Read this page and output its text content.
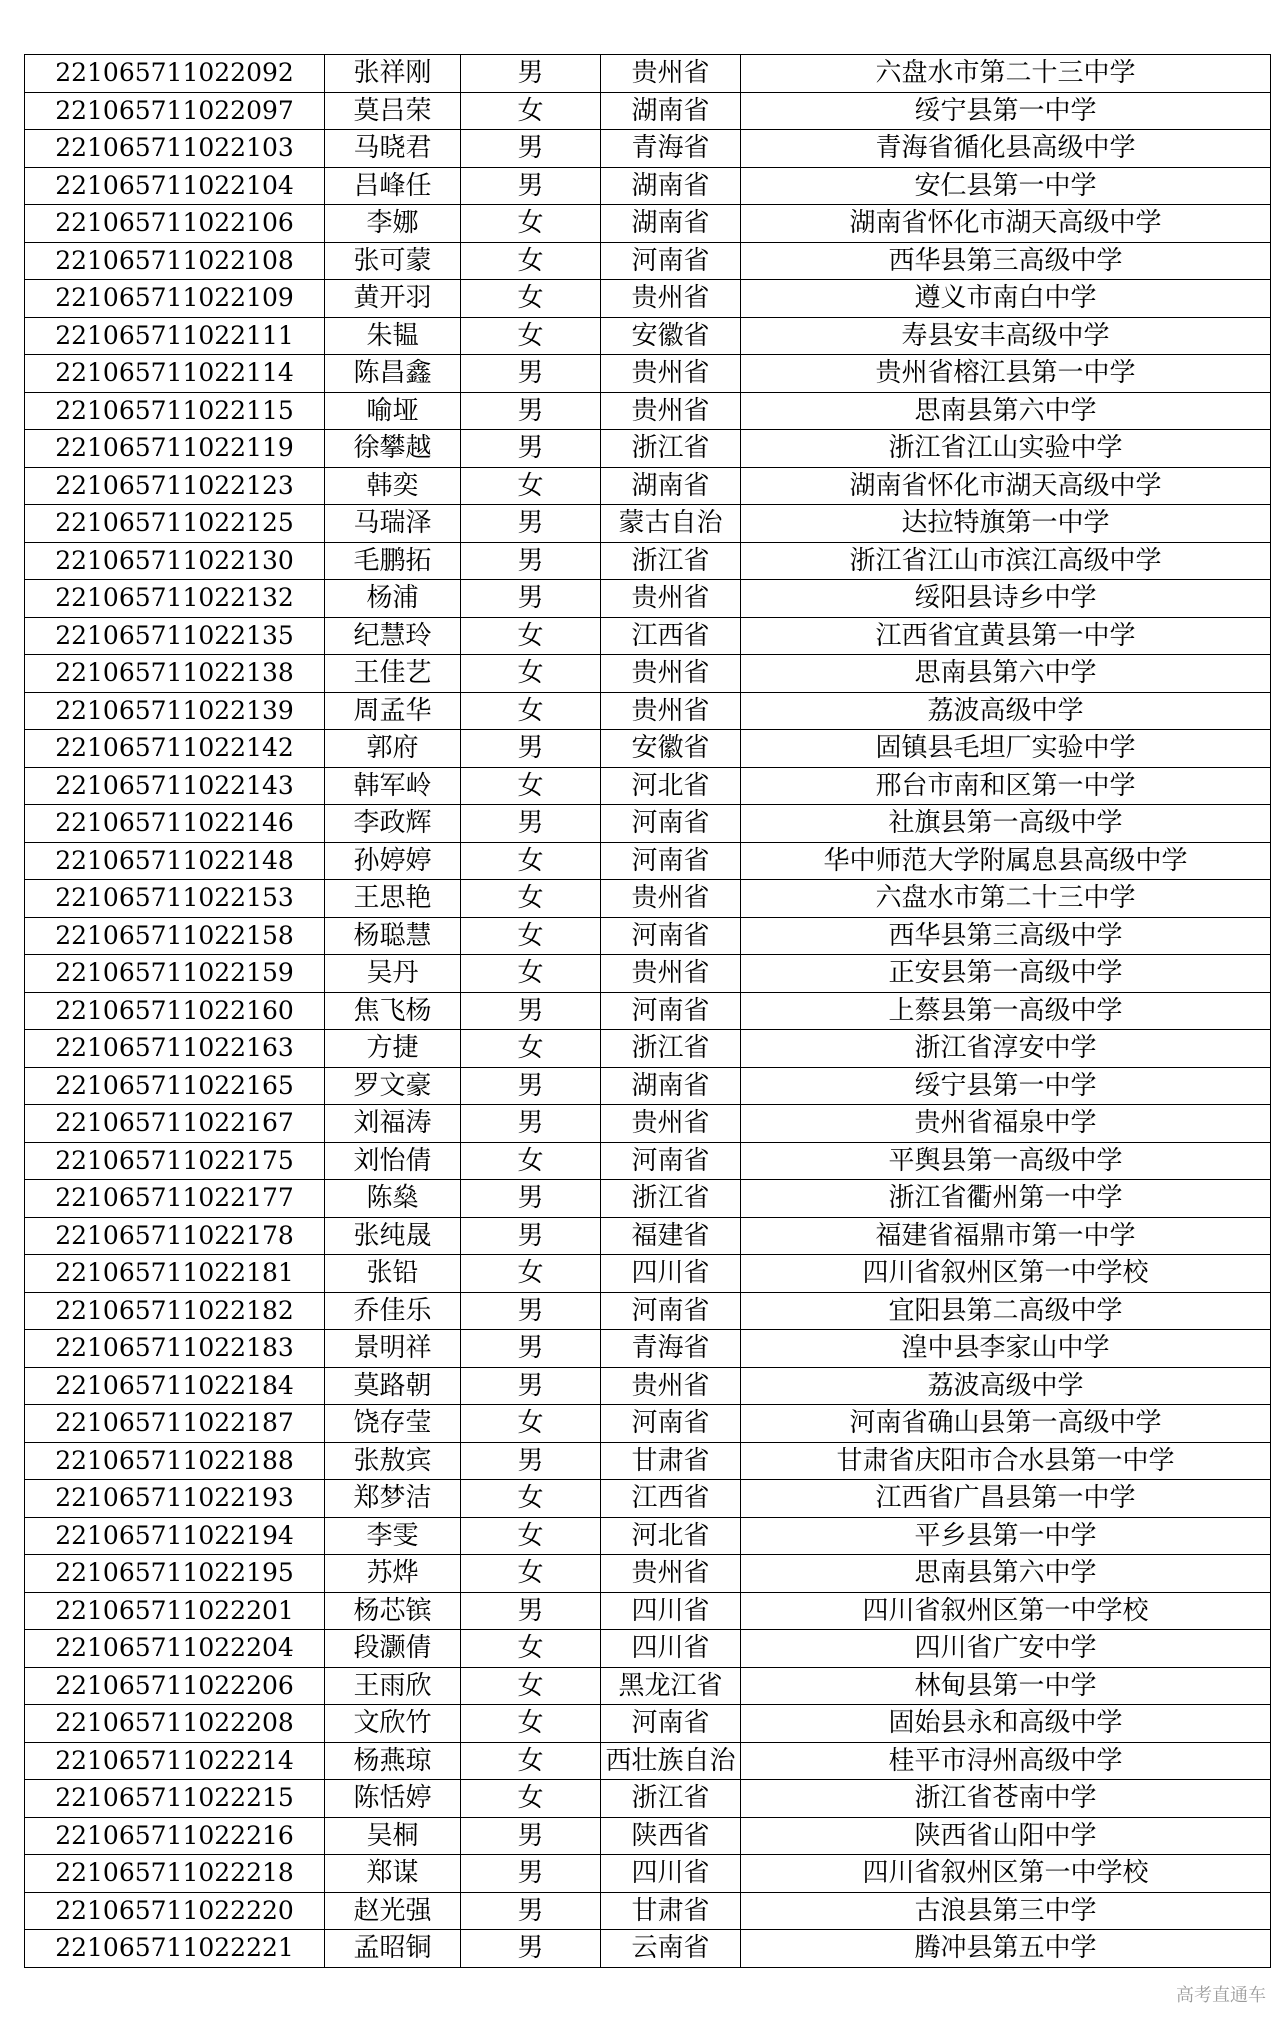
221065711022092	张祥刚	男	贵州省	六盘水市第二十三中学
221065711022097	莫吕荣	女	湖南省	绥宁县第一中学
221065711022103	马晓君	男	青海省	青海省循化县高级中学
221065711022104	吕峰任	男	湖南省	安仁县第一中学
221065711022106	李娜	女	湖南省	湖南省怀化市湖天高级中学
221065711022108	张可蒙	女	河南省	西华县第三高级中学
221065711022109	黄开羽	女	贵州省	遵义市南白中学
221065711022111	朱韫	女	安徽省	寿县安丰高级中学
221065711022114	陈昌鑫	男	贵州省	贵州省榕江县第一中学
221065711022115	喻垭	男	贵州省	思南县第六中学
221065711022119	徐攀越	男	浙江省	浙江省江山实验中学
221065711022123	韩奕	女	湖南省	湖南省怀化市湖天高级中学
221065711022125	马瑞泽	男	蒙古自治	达拉特旗第一中学
221065711022130	毛鹏拓	男	浙江省	浙江省江山市滨江高级中学
221065711022132	杨浦	男	贵州省	绥阳县诗乡中学
221065711022135	纪慧玲	女	江西省	江西省宜黄县第一中学
221065711022138	王佳艺	女	贵州省	思南县第六中学
221065711022139	周孟华	女	贵州省	荔波高级中学
221065711022142	郭府	男	安徽省	固镇县毛坦厂实验中学
221065711022143	韩军岭	女	河北省	邢台市南和区第一中学
221065711022146	李政辉	男	河南省	社旗县第一高级中学
221065711022148	孙婷婷	女	河南省	华中师范大学附属息县高级中学
221065711022153	王思艳	女	贵州省	六盘水市第二十三中学
221065711022158	杨聪慧	女	河南省	西华县第三高级中学
221065711022159	吴丹	女	贵州省	正安县第一高级中学
221065711022160	焦飞杨	男	河南省	上蔡县第一高级中学
221065711022163	方捷	女	浙江省	浙江省淳安中学
221065711022165	罗文豪	男	湖南省	绥宁县第一中学
221065711022167	刘福涛	男	贵州省	贵州省福泉中学
221065711022175	刘怡倩	女	河南省	平舆县第一高级中学
221065711022177	陈燊	男	浙江省	浙江省衢州第一中学
221065711022178	张纯晟	男	福建省	福建省福鼎市第一中学
221065711022181	张铅	女	四川省	四川省叙州区第一中学校
221065711022182	乔佳乐	男	河南省	宜阳县第二高级中学
221065711022183	景明祥	男	青海省	湟中县李家山中学
221065711022184	莫路朝	男	贵州省	荔波高级中学
221065711022187	饶存莹	女	河南省	河南省确山县第一高级中学
221065711022188	张敖宾	男	甘肃省	甘肃省庆阳市合水县第一中学
221065711022193	郑梦洁	女	江西省	江西省广昌县第一中学
221065711022194	李雯	女	河北省	平乡县第一中学
221065711022195	苏烨	女	贵州省	思南县第六中学
221065711022201	杨芯镔	男	四川省	四川省叙州区第一中学校
221065711022204	段灏倩	女	四川省	四川省广安中学
221065711022206	王雨欣	女	黑龙江省	林甸县第一中学
221065711022208	文欣竹	女	河南省	固始县永和高级中学
221065711022214	杨燕琼	女	西壮族自治	桂平市浔州高级中学
221065711022215	陈恬婷	女	浙江省	浙江省苍南中学
221065711022216	吴桐	男	陕西省	陕西省山阳中学
221065711022218	郑谋	男	四川省	四川省叙州区第一中学校
221065711022220	赵光强	男	甘肃省	古浪县第三中学
221065711022221	孟昭铜	男	云南省	腾冲县第五中学
高考直通车
